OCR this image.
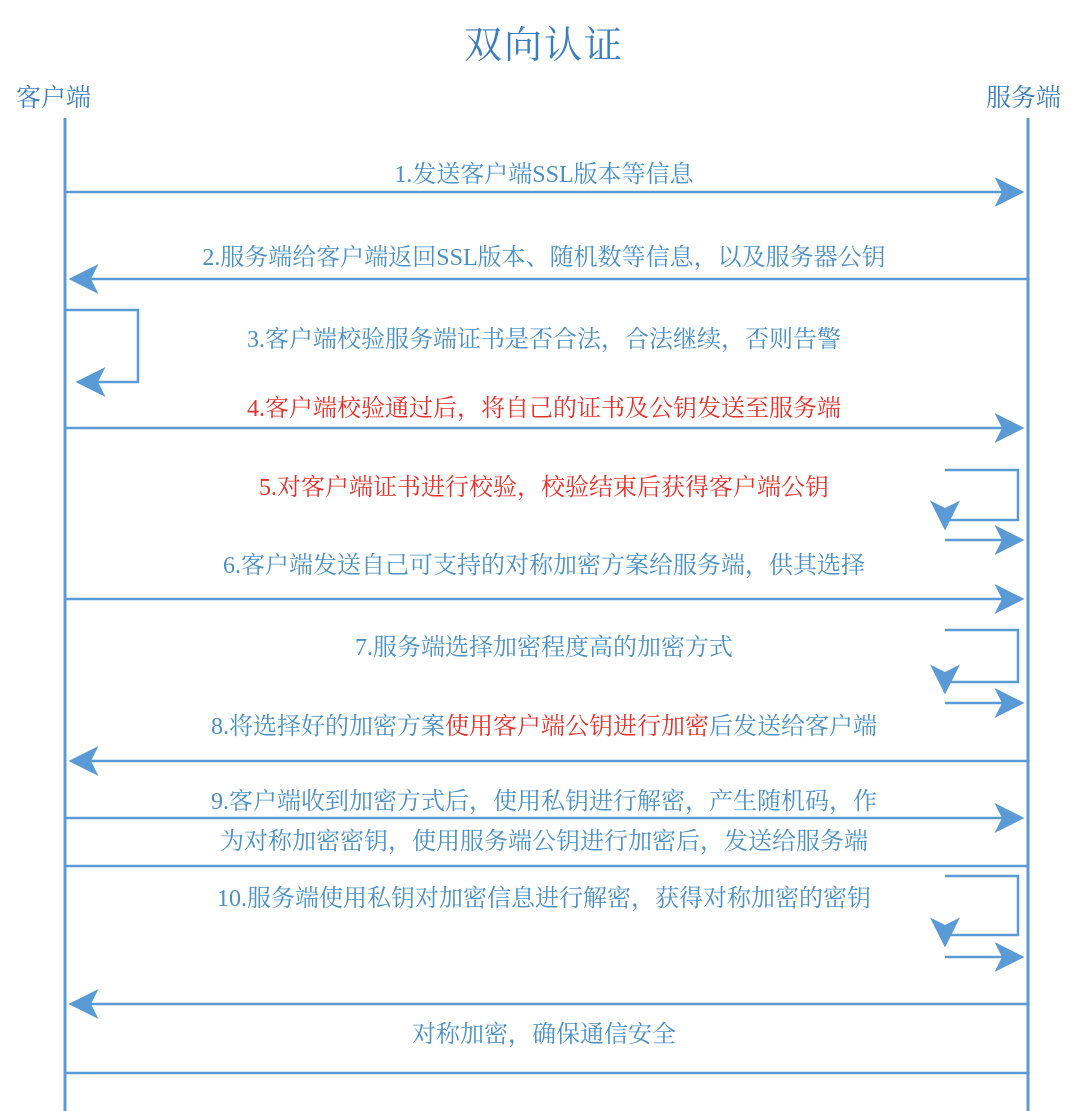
双向认证
客户端	服务端
1.发送客户端SSL版本等信息
2.服务端给客户端返回SSL版本、随机数等信息，以及服务器公钥
3.客户端校验服务端证书是否合法，合法继续，否则告警
4.客户端校验通过后，将自己的证书及公钥发送至服务端
5.对客户端证书进行校验，校验结束后获得客户端公钥
6.客户端发送自己可支持的对称加密方案给服务端，供其选择
7.服务端选择加密程度高的加密方式
8.将选择好的加密方案使用客户端公钥进行加密后发送给客户端
9.客户端收到加密方式后，使用私钥进行解密，产生随机码，作
为对称加密密钥，使用服务端公钥进行加密后，发送给服务端
10.服务端使用私钥对加密信息进行解密，获得对称加密的密钥
对称加密，确保通信安全
